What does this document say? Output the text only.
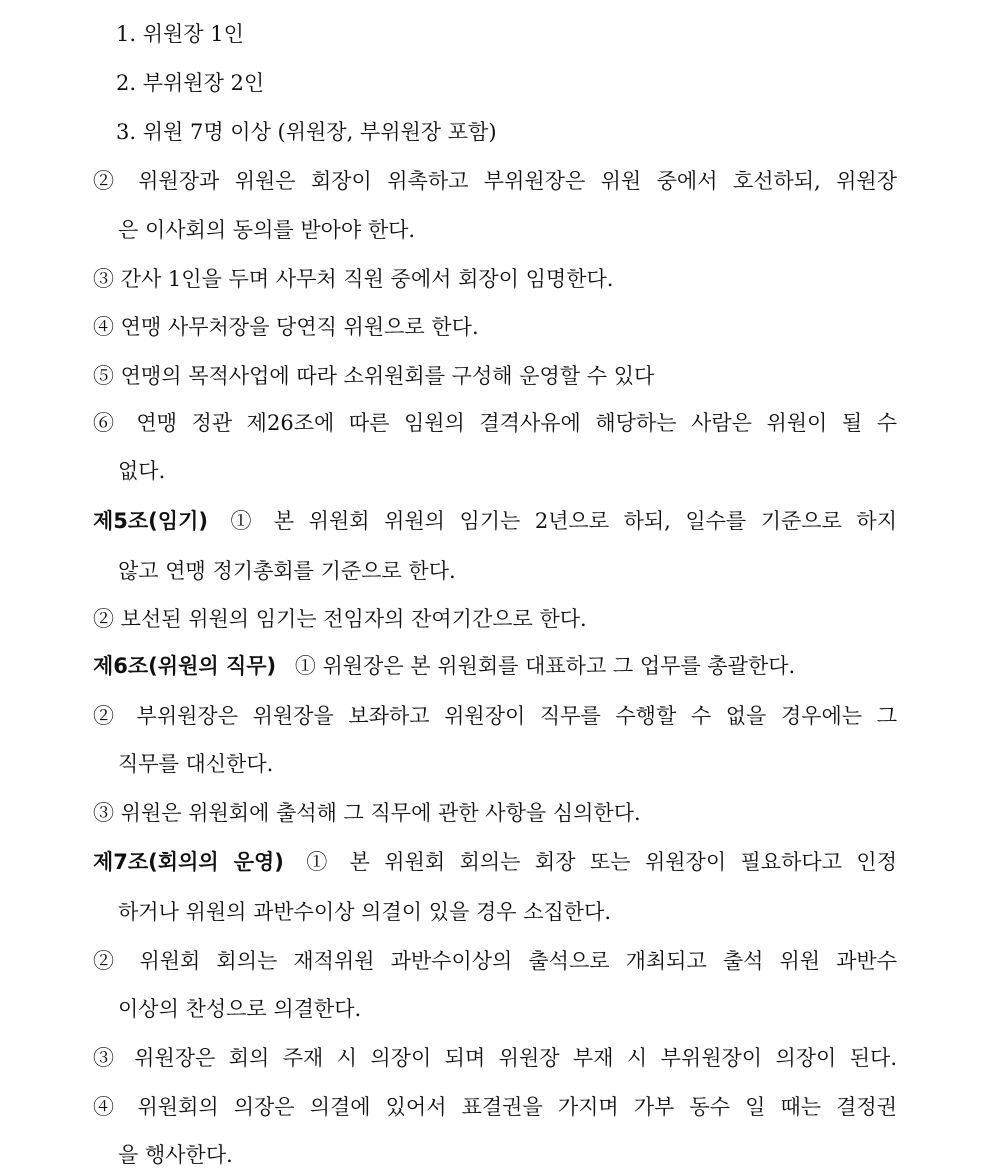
1. 위원장 1인
2. 부위원장 2인
3. 위원 7명 이상 (위원장, 부위원장 포함)
② 위원장과 위원은 회장이 위촉하고 부위원장은 위원 중에서 호선하되, 위원장
은 이사회의 동의를 받아야 한다.
③ 간사 1인을 두며 사무처 직원 중에서 회장이 임명한다.
④ 연맹 사무처장을 당연직 위원으로 한다.
⑤ 연맹의 목적사업에 따라 소위원회를 구성해 운영할 수 있다
⑥ 연맹 정관 제26조에 따른 임원의 결격사유에 해당하는 사람은 위원이 될 수
없다.
제5조(임기) ① 본 위원회 위원의 임기는 2년으로 하되, 일수를 기준으로 하지
않고 연맹 정기총회를 기준으로 한다.
② 보선된 위원의 임기는 전임자의 잔여기간으로 한다.
제6조(위원의 직무) ① 위원장은 본 위원회를 대표하고 그 업무를 총괄한다.
② 부위원장은 위원장을 보좌하고 위원장이 직무를 수행할 수 없을 경우에는 그
직무를 대신한다.
③ 위원은 위원회에 출석해 그 직무에 관한 사항을 심의한다.
제7조(회의의 운영) ① 본 위원회 회의는 회장 또는 위원장이 필요하다고 인정
하거나 위원의 과반수이상 의결이 있을 경우 소집한다.
② 위원회 회의는 재적위원 과반수이상의 출석으로 개최되고 출석 위원 과반수
이상의 찬성으로 의결한다.
③ 위원장은 회의 주재 시 의장이 되며 위원장 부재 시 부위원장이 의장이 된다.
④ 위원회의 의장은 의결에 있어서 표결권을 가지며 가부 동수 일 때는 결정권
을 행사한다.
